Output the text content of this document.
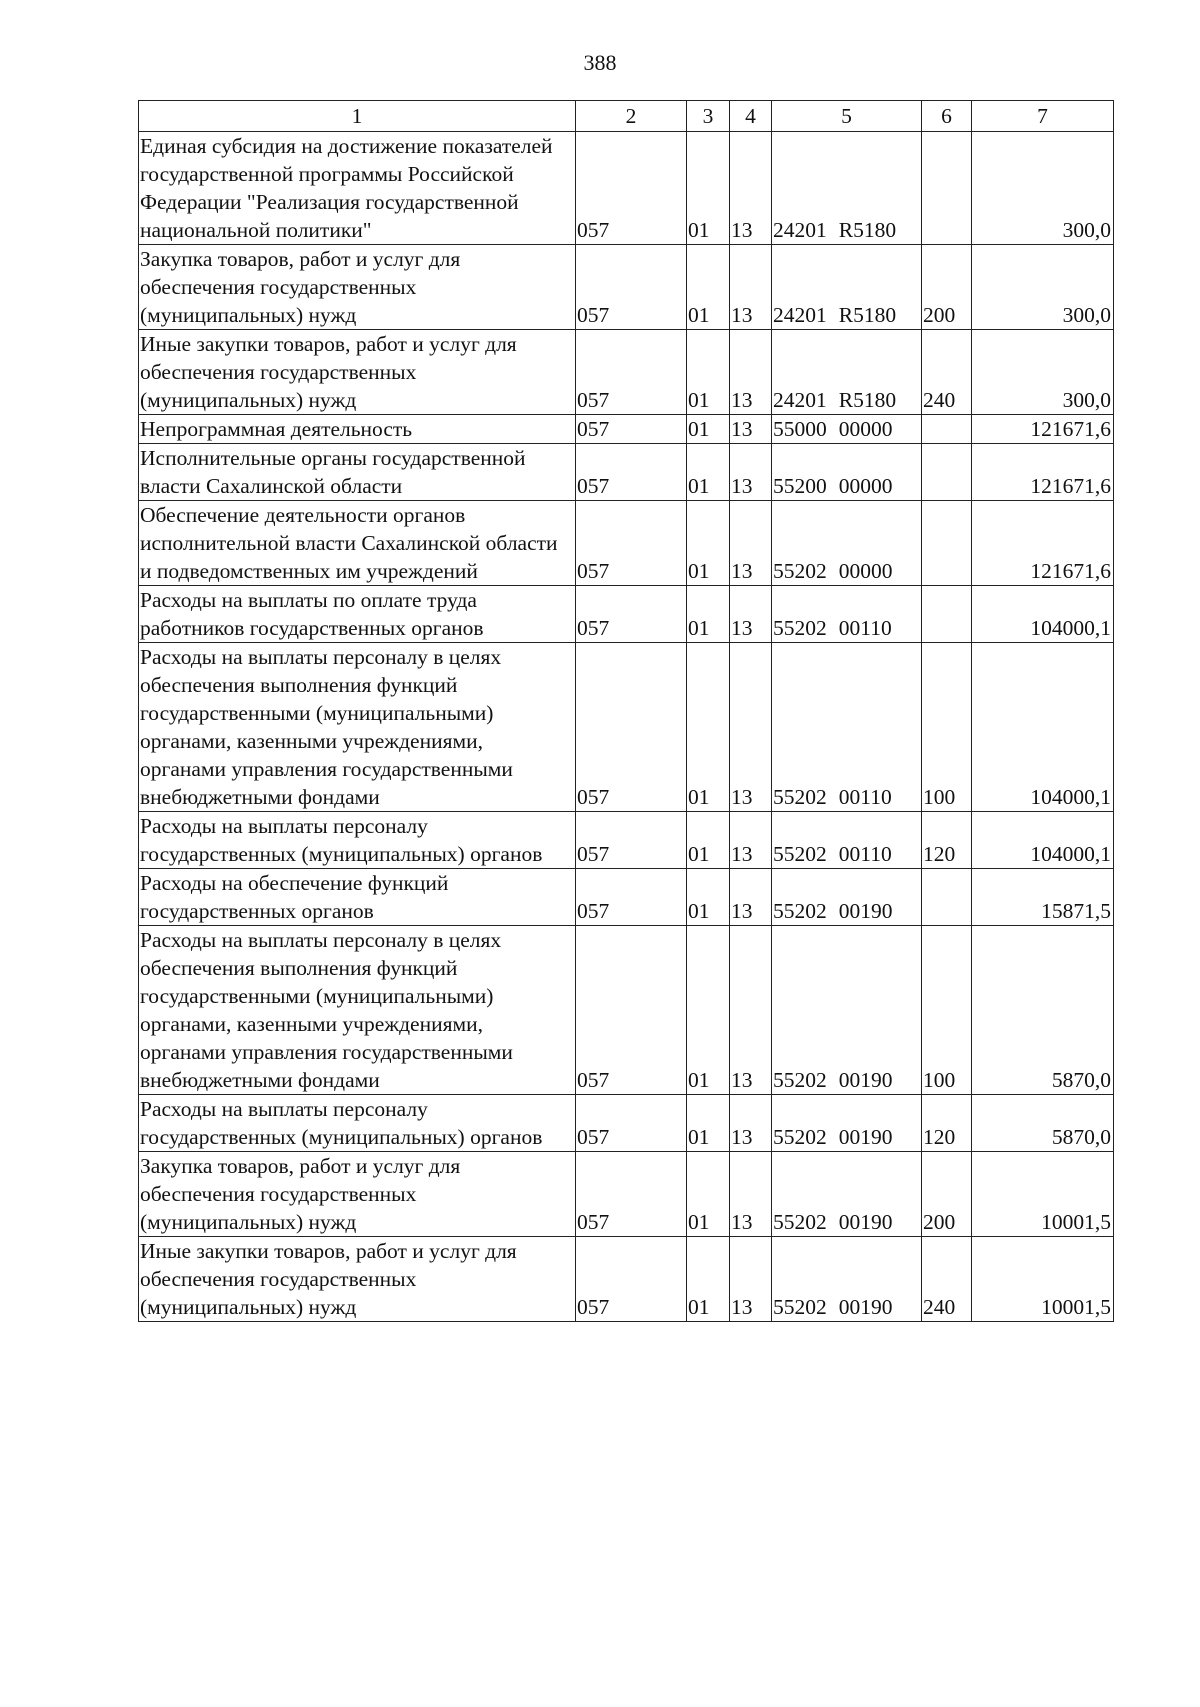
388
1	2	3	4	5	6	7
Единая субсидия на достижение показателей государственной программы Российской Федерации "Реализация государственной национальной политики"	057	01	13	24201 R5180		300,0
Закупка товаров, работ и услуг для обеспечения государственных (муниципальных) нужд	057	01	13	24201 R5180	200	300,0
Иные закупки товаров, работ и услуг для обеспечения государственных (муниципальных) нужд	057	01	13	24201 R5180	240	300,0
Непрограммная деятельность	057	01	13	55000 00000		121671,6
Исполнительные органы государственной власти Сахалинской области	057	01	13	55200 00000		121671,6
Обеспечение деятельности органов исполнительной власти Сахалинской области и подведомственных им учреждений	057	01	13	55202 00000		121671,6
Расходы на выплаты по оплате труда работников государственных органов	057	01	13	55202 00110		104000,1
Расходы на выплаты персоналу в целях обеспечения выполнения функций государственными (муниципальными) органами, казенными учреждениями, органами управления государственными внебюджетными фондами	057	01	13	55202 00110	100	104000,1
Расходы на выплаты персоналу государственных (муниципальных) органов	057	01	13	55202 00110	120	104000,1
Расходы на обеспечение функций государственных органов	057	01	13	55202 00190		15871,5
Расходы на выплаты персоналу в целях обеспечения выполнения функций государственными (муниципальными) органами, казенными учреждениями, органами управления государственными внебюджетными фондами	057	01	13	55202 00190	100	5870,0
Расходы на выплаты персоналу государственных (муниципальных) органов	057	01	13	55202 00190	120	5870,0
Закупка товаров, работ и услуг для обеспечения государственных (муниципальных) нужд	057	01	13	55202 00190	200	10001,5
Иные закупки товаров, работ и услуг для обеспечения государственных (муниципальных) нужд	057	01	13	55202 00190	240	10001,5
